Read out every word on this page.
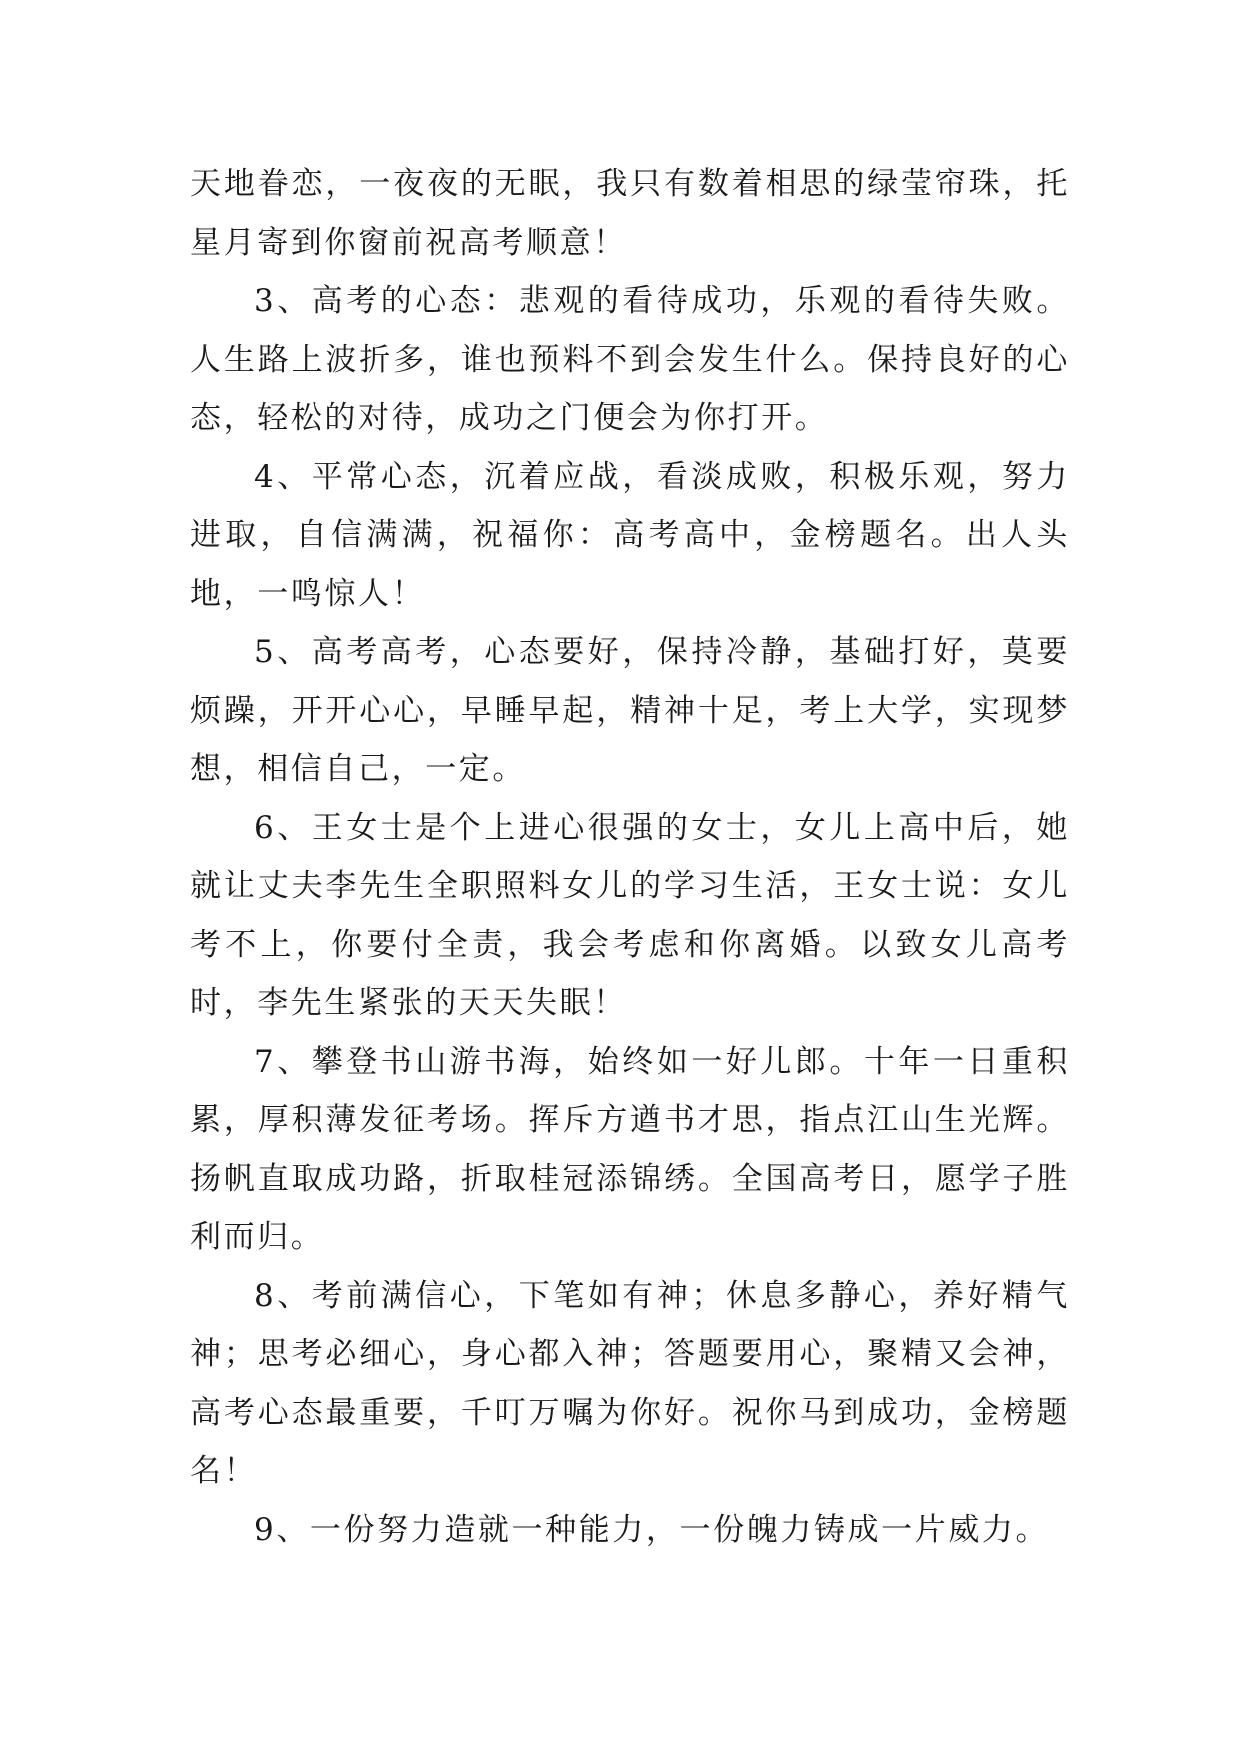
天地眷恋，一夜夜的无眠，我只有数着相思的绿莹帘珠，托星月寄到你窗前祝高考顺意！

3、高考的心态：悲观的看待成功，乐观的看待失败。人生路上波折多，谁也预料不到会发生什么。保持良好的心态，轻松的对待，成功之门便会为你打开。

4、平常心态，沉着应战，看淡成败，积极乐观，努力进取，自信满满，祝福你：高考高中，金榜题名。出人头地，一鸣惊人！

5、高考高考，心态要好，保持冷静，基础打好，莫要烦躁，开开心心，早睡早起，精神十足，考上大学，实现梦想，相信自己，一定。

6、王女士是个上进心很强的女士，女儿上高中后，她就让丈夫李先生全职照料女儿的学习生活，王女士说：女儿考不上，你要付全责，我会考虑和你离婚。以致女儿高考时，李先生紧张的天天失眠！

7、攀登书山游书海，始终如一好儿郎。十年一日重积累，厚积薄发征考场。挥斥方遒书才思，指点江山生光辉。扬帆直取成功路，折取桂冠添锦绣。全国高考日，愿学子胜利而归。

8、考前满信心，下笔如有神；休息多静心，养好精气神；思考必细心，身心都入神；答题要用心，聚精又会神，高考心态最重要，千叮万嘱为你好。祝你马到成功，金榜题名！

9、一份努力造就一种能力，一份魄力铸成一片威力。
